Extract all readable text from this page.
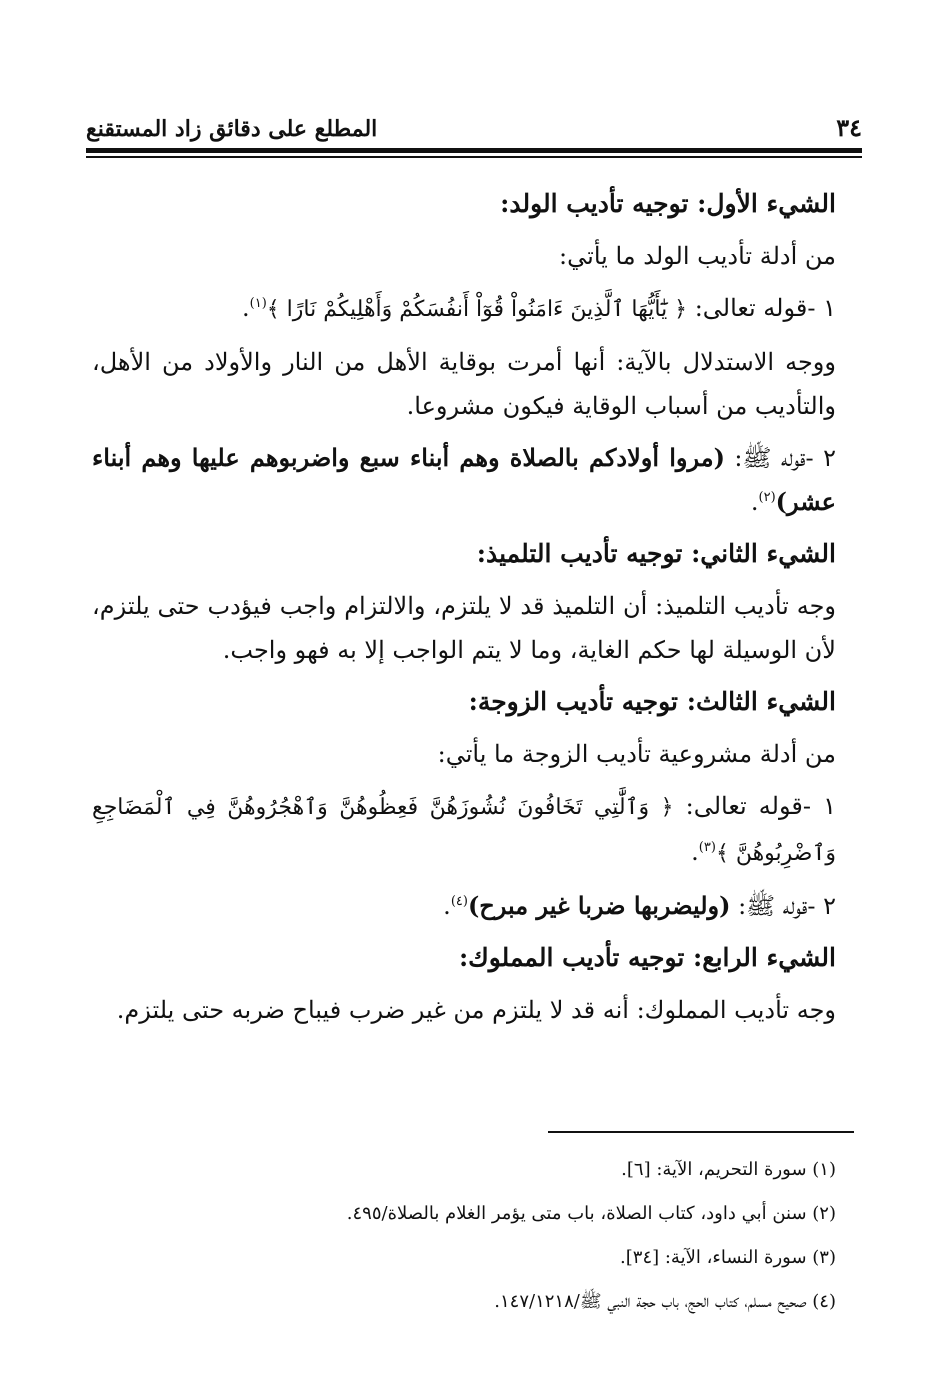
٣٤
المطلع على دقائق زاد المستقنع

الشيء الأول: توجيه تأديب الولد:

من أدلة تأديب الولد ما يأتي:

١ -قوله تعالى: ﴿ يَٰٓأَيُّهَا ٱلَّذِينَ ءَامَنُواْ قُوٓاْ أَنفُسَكُمْ وَأَهْلِيكُمْ نَارًا ﴾$^{(١)}$.

ووجه الاستدلال بالآية: أنها أمرت بوقاية الأهل من النار والأولاد من الأهل، والتأديب من أسباب الوقاية فيكون مشروعا.

٢ -قوله ﷺ: (مروا أولادكم بالصلاة وهم أبناء سبع واضربوهم عليها وهم أبناء عشر)$^{(٢)}$.

الشيء الثاني: توجيه تأديب التلميذ:

وجه تأديب التلميذ: أن التلميذ قد لا يلتزم، والالتزام واجب فيؤدب حتى يلتزم، لأن الوسيلة لها حكم الغاية، وما لا يتم الواجب إلا به فهو واجب.

الشيء الثالث: توجيه تأديب الزوجة:

من أدلة مشروعية تأديب الزوجة ما يأتي:

١ -قوله تعالى: ﴿ وَٱلَّٰتِي تَخَافُونَ نُشُوزَهُنَّ فَعِظُوهُنَّ وَٱهْجُرُوهُنَّ فِي ٱلْمَضَاجِعِ وَٱضْرِبُوهُنَّ ﴾$^{(٣)}$.

٢ -قوله ﷺ: (وليضربها ضربا غير مبرح)$^{(٤)}$.

الشيء الرابع: توجيه تأديب المملوك:

وجه تأديب المملوك: أنه قد لا يلتزم من غير ضرب فيباح ضربه حتى يلتزم.

(١) سورة التحريم، الآية: [٦].
(٢) سنن أبي داود، كتاب الصلاة، باب متى يؤمر الغلام بالصلاة/٤٩٥.
(٣) سورة النساء، الآية: [٣٤].
(٤) صحيح مسلم، كتاب الحج، باب حجة النبي ﷺ/١٤٧/١٢١٨.
